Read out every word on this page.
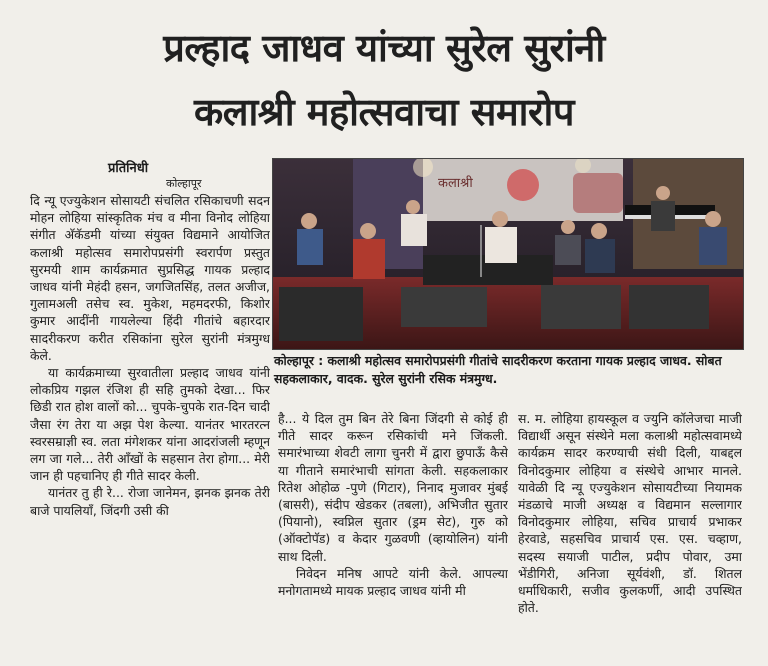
प्रल्हाद जाधव यांच्या सुरेल सुरांनी
कलाश्री महोत्सवाचा समारोप
प्रतिनिधी
कोल्हापूर

दि न्यू एज्युकेशन सोसायटी संचलित रसिकाचणी सदन मोहन लोहिया सांस्कृतिक मंच व मीना विनोद लोहिया संगीत अ‍ॅकॅडमी यांच्या संयुक्त विद्यमाने आयोजित कलाश्री महोत्सव समारोपप्रसंगी स्वरार्पण प्रस्तुत सुरमयी शाम कार्यक्रमात सुप्रसिद्ध गायक प्रल्हाद जाधव यांनी मेहंदी हसन, जगजितसिंह, तलत अजीज, गुलामअली तसेच स्व. मुकेश, महमदरफी, किशोर कुमार आदींनी गायलेल्या हिंदी गीतांचे बहारदार सादरीकरण करीत रसिकांना सुरेल सुरांनी मंत्रमुग्ध केले.

या कार्यक्रमाच्या सुरवातीला प्रल्हाद जाधव यांनी लोकप्रिय गझल रंजिश ही सहि तुमको देखा... फिर छिडी रात होश वालों को... चुपके-चुपके रात-दिन चादी जैसा रंग तेरा या अझ पेश केल्या. यानंतर भारतरत्न स्वरसम्राज्ञी स्व. लता मंगेशकर यांना आदरांजली म्हणून लग जा गले... तेरी आँखों के सहसान तेरा होगा... मेरी जान ही पहचानिए ही गीते सादर केली.

यानंतर तु ही रे... रोजा जानेमन, झनक झनक तेरी बाजे पायलियाँ, जिंदगी उसी की

कलाश्री
कोल्हापूर : कलाश्री महोत्सव समारोपप्रसंगी गीतांचे सादरीकरण करताना गायक प्रल्हाद जाधव. सोबत सहकलाकार, वादक. सुरेल सुरांनी रसिक मंत्रमुग्ध.

है... ये दिल तुम बिन तेरे बिना जिंदगी से कोई ही गीते सादर करून रसिकांची मने जिंकली. समारंभाच्या शेवटी लागा चुनरी में द्वारा छुपाऊँ कैसे या गीताने समारंभाची सांगता केली. सहकलाकार रितेश ओहोळ -पुणे (गिटार), निनाद मुजावर मुंबई (बासरी), संदीप खेडकर (तबला), अभिजीत सुतार (पियानो), स्वप्निल सुतार (ड्रम सेट), गुरु को (ऑक्टोपॅड) व केदार गुळवणी (व्हायोलिन) यांनी साथ दिली.

निवेदन मनिष आपटे यांनी केले. आपल्या मनोगतामध्ये मायक प्रल्हाद जाधव यांनी मी

स. म. लोहिया हायस्कूल व ज्युनि कॉलेजचा माजी विद्यार्थी असून संस्थेने मला कलाश्री महोत्सवामध्ये कार्यक्रम सादर करण्याची संधी दिली, याबद्दल विनोदकुमार लोहिया व संस्थेचे आभार मानले. यावेळी दि न्यू एज्युकेशन सोसायटीच्या नियामक मंडळाचे माजी अध्यक्ष व विद्यमान सल्लागार विनोदकुमार लोहिया, सचिव प्राचार्य प्रभाकर हेरवाडे, सहसचिव प्राचार्य एस. एस. चव्हाण, सदस्य सयाजी पाटील, प्रदीप पोवार, उमा भेंडीगिरी, अनिजा सूर्यवंशी, डॉ. शितल धर्माधिकारी, सजीव कुलकर्णी, आदी उपस्थित होते.
